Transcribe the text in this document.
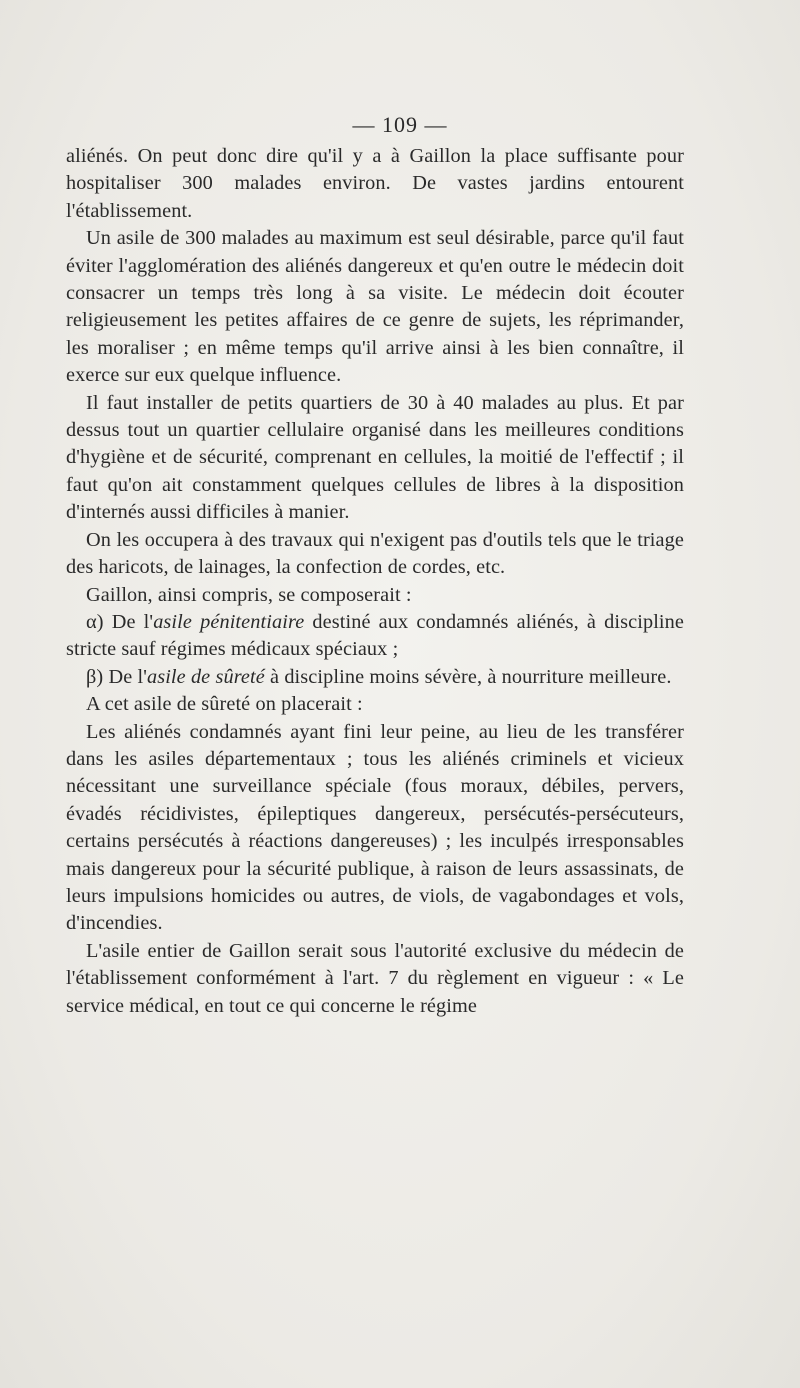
— 109 —

aliénés. On peut donc dire qu'il y a à Gaillon la place suffisante pour hospitaliser 300 malades environ. De vastes jardins entourent l'établissement.

Un asile de 300 malades au maximum est seul désirable, parce qu'il faut éviter l'agglomération des aliénés dangereux et qu'en outre le médecin doit consacrer un temps très long à sa visite. Le médecin doit écouter religieusement les petites affaires de ce genre de sujets, les réprimander, les moraliser ; en même temps qu'il arrive ainsi à les bien connaître, il exerce sur eux quelque influence.

Il faut installer de petits quartiers de 30 à 40 malades au plus. Et par dessus tout un quartier cellulaire organisé dans les meilleures conditions d'hygiène et de sécurité, comprenant en cellules, la moitié de l'effectif ; il faut qu'on ait constamment quelques cellules de libres à la disposition d'internés aussi difficiles à manier.

On les occupera à des travaux qui n'exigent pas d'outils tels que le triage des haricots, de lainages, la confection de cordes, etc.

Gaillon, ainsi compris, se composerait :

α) De l'asile pénitentiaire destiné aux condamnés aliénés, à discipline stricte sauf régimes médicaux spéciaux ;

β) De l'asile de sûreté à discipline moins sévère, à nourriture meilleure.

A cet asile de sûreté on placerait :

Les aliénés condamnés ayant fini leur peine, au lieu de les transférer dans les asiles départementaux ; tous les aliénés criminels et vicieux nécessitant une surveillance spéciale (fous moraux, débiles, pervers, évadés récidivistes, épileptiques dangereux, persécutés-persécuteurs, certains persécutés à réactions dangereuses) ; les inculpés irresponsables mais dangereux pour la sécurité publique, à raison de leurs assassinats, de leurs impulsions homicides ou autres, de viols, de vagabondages et vols, d'incendies.

L'asile entier de Gaillon serait sous l'autorité exclusive du médecin de l'établissement conformément à l'art. 7 du règlement en vigueur : « Le service médical, en tout ce qui concerne le régime
